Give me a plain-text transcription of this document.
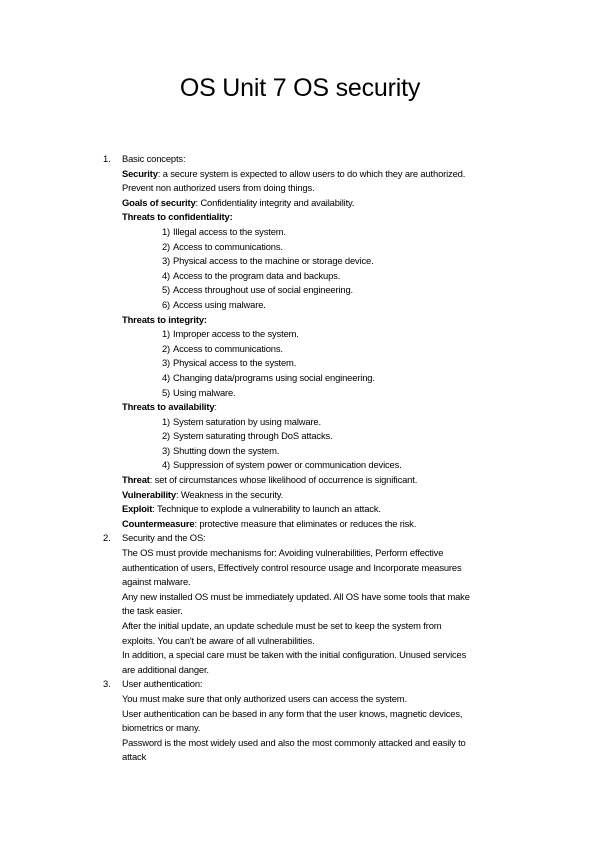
OS Unit 7 OS security
1. Basic concepts:
Security: a secure system is expected to allow users to do which they are authorized.
Prevent non authorized users from doing things.
Goals of security: Confidentiality integrity and availability.
Threats to confidentiality:
1) Illegal access to the system.
2) Access to communications.
3) Physical access to the machine or storage device.
4) Access to the program data and backups.
5) Access throughout use of social engineering.
6) Access using malware.
Threats to integrity:
1) Improper access to the system.
2) Access to communications.
3) Physical access to the system.
4) Changing data/programs using social engineering.
5) Using malware.
Threats to availability:
1) System saturation by using malware.
2) System saturating through DoS attacks.
3) Shutting down the system.
4) Suppression of system power or communication devices.
Threat: set of circumstances whose likelihood of occurrence is significant.
Vulnerability: Weakness in the security.
Exploit: Technique to explode a vulnerability to launch an attack.
Countermeasure: protective measure that eliminates or reduces the risk.
2. Security and the OS:
The OS must provide mechanisms for: Avoiding vulnerabilities, Perform effective
authentication of users, Effectively control resource usage and Incorporate measures
against malware.
Any new installed OS must be immediately updated. All OS have some tools that make
the task easier.
After the initial update, an update schedule must be set to keep the system from
exploits. You can't be aware of all vulnerabilities.
In addition, a special care must be taken with the initial configuration. Unused services
are additional danger.
3. User authentication:
You must make sure that only authorized users can access the system.
User authentication can be based in any form that the user knows, magnetic devices,
biometrics or many.
Password is the most widely used and also the most commonly attacked and easily to
attack
